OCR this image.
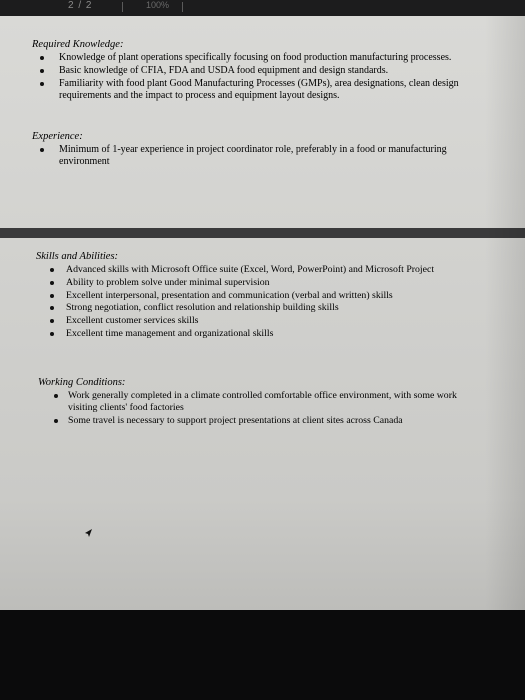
2 / 2	100%
Required Knowledge:
Knowledge of plant operations specifically focusing on food production manufacturing processes.
Basic knowledge of CFIA, FDA and USDA food equipment and design standards.
Familiarity with food plant Good Manufacturing Processes (GMPs), area designations, clean design requirements and the impact to process and equipment layout designs.
Experience:
Minimum of 1-year experience in project coordinator role, preferably in a food or manufacturing environment
Skills and Abilities:
Advanced skills with Microsoft Office suite (Excel, Word, PowerPoint) and Microsoft Project
Ability to problem solve under minimal supervision
Excellent interpersonal, presentation and communication (verbal and written) skills
Strong negotiation, conflict resolution and relationship building skills
Excellent customer services skills
Excellent time management and organizational skills
Working Conditions:
Work generally completed in a climate controlled comfortable office environment, with some work visiting clients' food factories
Some travel is necessary to support project presentations at client sites across Canada
